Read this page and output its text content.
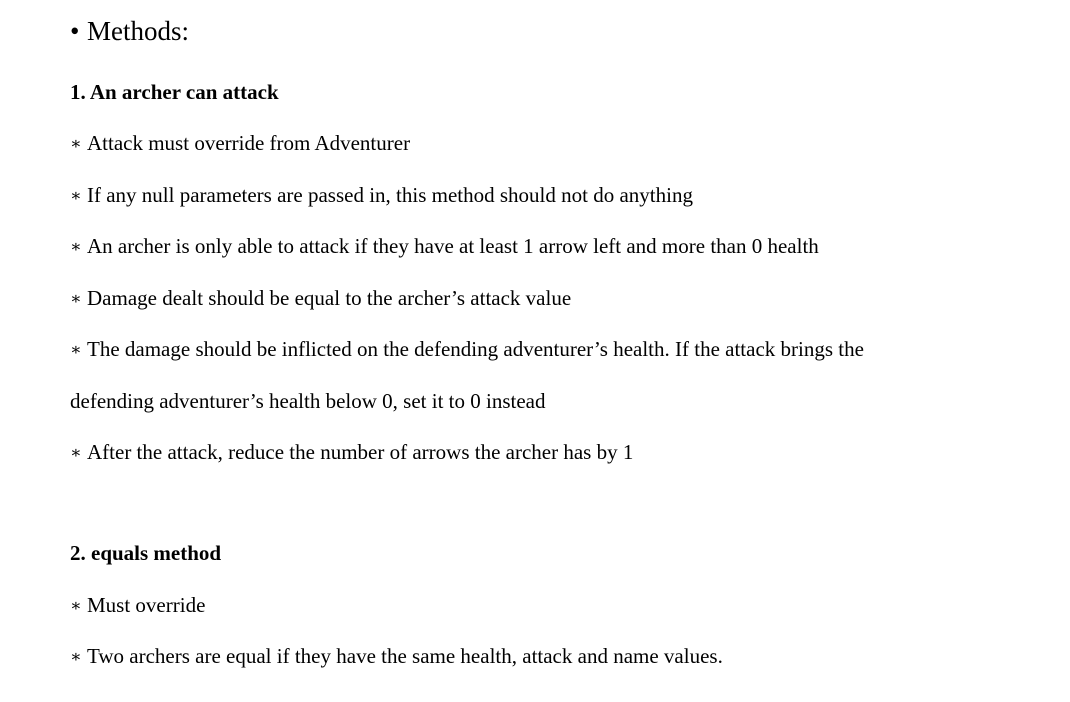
• Methods:
1. An archer can attack
∗ Attack must override from Adventurer
∗ If any null parameters are passed in, this method should not do anything
∗ An archer is only able to attack if they have at least 1 arrow left and more than 0 health
∗ Damage dealt should be equal to the archer’s attack value
∗ The damage should be inflicted on the defending adventurer’s health. If the attack brings the
defending adventurer’s health below 0, set it to 0 instead
∗ After the attack, reduce the number of arrows the archer has by 1
2. equals method
∗ Must override
∗ Two archers are equal if they have the same health, attack and name values.
